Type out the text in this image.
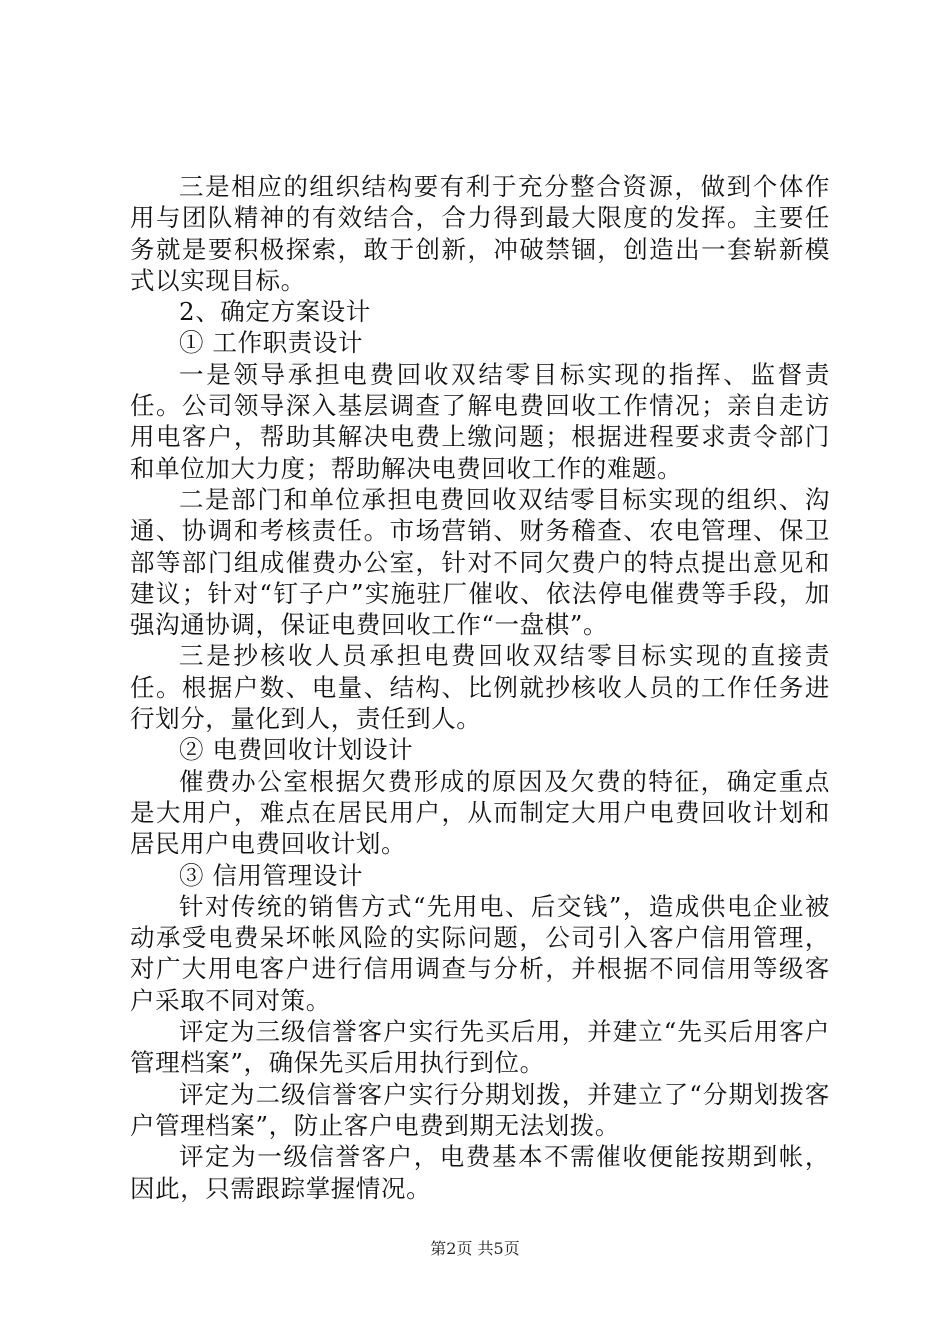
三是相应的组织结构要有利于充分整合资源，做到个体作用与团队精神的有效结合，合力得到最大限度的发挥。主要任务就是要积极探索，敢于创新，冲破禁锢，创造出一套崭新模式以实现目标。

2、确定方案设计

① 工作职责设计

一是领导承担电费回收双结零目标实现的指挥、监督责任。公司领导深入基层调查了解电费回收工作情况；亲自走访用电客户，帮助其解决电费上缴问题；根据进程要求责令部门和单位加大力度；帮助解决电费回收工作的难题。

二是部门和单位承担电费回收双结零目标实现的组织、沟通、协调和考核责任。市场营销、财务稽查、农电管理、保卫部等部门组成催费办公室，针对不同欠费户的特点提出意见和建议；针对“钉子户”实施驻厂催收、依法停电催费等手段，加强沟通协调，保证电费回收工作“一盘棋”。

三是抄核收人员承担电费回收双结零目标实现的直接责任。根据户数、电量、结构、比例就抄核收人员的工作任务进行划分，量化到人，责任到人。

② 电费回收计划设计

催费办公室根据欠费形成的原因及欠费的特征，确定重点是大用户，难点在居民用户，从而制定大用户电费回收计划和居民用户电费回收计划。

③ 信用管理设计

针对传统的销售方式“先用电、后交钱”，造成供电企业被动承受电费呆坏帐风险的实际问题，公司引入客户信用管理，对广大用电客户进行信用调查与分析，并根据不同信用等级客户采取不同对策。

评定为三级信誉客户实行先买后用，并建立“先买后用客户管理档案”，确保先买后用执行到位。

评定为二级信誉客户实行分期划拨，并建立了“分期划拨客户管理档案”，防止客户电费到期无法划拨。

评定为一级信誉客户，电费基本不需催收便能按期到帐，因此，只需跟踪掌握情况。

第2页 共5页
